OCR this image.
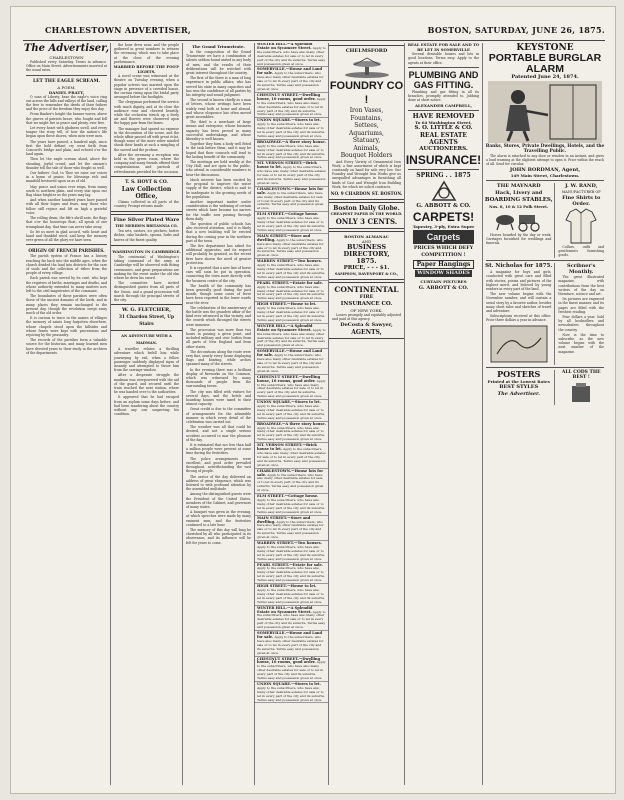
CHARLESTOWN ADVERTISER,	BOSTON, SATURDAY, JUNE 26, 1875.
The Advertiser,
CHARLESTOWN

Published every Saturday. Terms in advance. Office on Main Street. Advertisements inserted at the usual rates.

LET THE EAGLE SCREAM.
A POEM.
DANIEL PRATT,

O sons of Liberty, hear the eagle's voice ring out across the hills and valleys of the land, calling the free to remember the deeds of their fathers and the price of the freedom they enjoy this day.

From Bunker's height the banner waves, above the graves of patriots brave, who fought and fell that we might live in peace and plenty, ever free.

Let every heart with gladness swell, and every tongue the story tell, of how the nation's life began upon these shores, when men were men.

The years have passed, a hundred nigh, since first the bold defiant cry went forth from Concord's bridge and plain, and echoed o'er the land again.

Then let the eagle scream aloud, above the shouting, joyful crowd, and let the cannon's thunder tell the tale of those who fought so well.

Our fathers' God, to Thee we raise our voices in a hymn of praise, for blessings rich and manifold bestowed upon us as of old.

May peace and union ever reign, from sunny south to northern plain, and every star upon our flag shine brighter as the years may lag.

And when another hundred years have passed with all their hopes and fears, may those who follow still rejoice and lift on high a grateful voice.

The rolling drum, the fife's shrill note, the flags that o'er the housetops float, all speak of one triumphant day, that time can never take away.

So let us meet in glad accord, with heart and hand and thankful word, and keep the memory ever green of all the glory we have seen.

ORIGIN OF FRENCH PARISHES.

The parish system of France has a history reaching far back into the middle ages, when the church divided the land into districts for the care of souls and the collection of tithes from the people of every village.

Each parish was served by its curé, who kept the registers of births, marriages and deaths, and whose authority extended to many matters now left to the civil magistrates of the commune.

The boundaries of these parishes were often those of the ancient domains of the lords, and in many places they remain unchanged to the present day, though the revolution swept away much of the old order.

It is curious to trace in the names of villages the memory of saints long forgotten elsewhere, whose chapels stood upon the hillsides and whose feasts were kept with processions and rejoicing by the peasantry.

The records of the parishes form a valuable source for the historian, and many learned men have devoted years to their study in the archives of the departments.

the hour drew near, and the people gathered in great numbers to witness the ceremony, which was to take place at the close of the evening performance.

MARRIED BEFORE THE FOOT-LIGHTS.

A novel scene was witnessed at the theatre on Tuesday evening, when a popular actress was married upon the stage in presence of a crowded house, the curtain rising upon the bridal party arranged before the footlights.

The clergyman performed the service with much dignity, and at its close the audience rose and cheered heartily, while the orchestra struck up a lively air and flowers were showered upon the happy pair from the boxes.

The manager had spared no expense in the decoration of the scene, and the whole affair passed off with great éclat, though some of the more sober minded shook their heads at such a mingling of the sacred and the profane.

After the ceremony a reception was held in the green room, where the company and many friends offered their congratulations and partook of refreshments provided for the occasion.

T. S. HOYT & CO.
Law Collection Office,

Claims collected in all parts of the country. Prompt returns made.

Fine Silver Plated Ware
THE MERIDEN BRITANNIA CO.

Tea sets, castors, ice pitchers, butter dishes, cake baskets, spoons, forks and knives of the finest quality.

WASHINGTON IN CAMBRIDGE.

The centennial of Washington's taking command of the army at Cambridge will be observed with fitting ceremonies, and great preparations are making for the event under the old elm where he drew his sword.

The committee have invited distinguished guests from all parts of the Union, and a grand procession will march through the principal streets of the city.

W. G. FLETCHER,
31 Chardon Street, Up Stairs
AN ADVENTURE WITH A MADMAN.

A traveller relates a thrilling adventure which befell him while journeying by rail, when a fellow passenger suddenly displayed signs of insanity and attempted to throw him from the carriage window.

After a desperate struggle the madman was overpowered with the aid of the guard, and secured until the train reached the next station, where he was handed over to the authorities.

It appeared that he had escaped from an asylum some days before, and had been wandering about the country without any one suspecting his condition.

The Grand Triumvirate.

In the composition of the Grand Triumvirate we have a combination of talents seldom found united in any body of men, and the results of their deliberations will be watched with great interest throughout the country.

The first of the three is a man of long experience in public affairs, who has served his state in many capacities and has won the confidence of all parties by his integrity and sound judgment.

The second is known chiefly as a man of letters, whose writings have been widely read both at home and abroad, and whose eloquence has often moved great assemblies.

The third is a merchant of large means and enterprise, whose business sagacity has been proved in many successful undertakings, and whose liberality is well known.

Together they form a body well fitted to the task before them, and it may be hoped that their counsels will tend to the lasting benefit of the community.

The meetings are held weekly at the City Hall, and are open to the public, who attend in considerable numbers to hear the discussions.

Much interest has been excited by the proposal to improve the water supply of the district, which is said to be inadequate to the growing needs of the population.

Another important matter under consideration is the widening of certain streets which have become too narrow for the traffic now passing through them daily.

The question of public schools has also received attention, and it is likely that a new building will be erected during the coming year in the northern part of the town.

The fire department has asked for additional apparatus, and its request will probably be granted, as the recent fires have shown the need of greater protection.

It is reported that a new line of horse cars will soon be put in operation, connecting the town more directly with the business centre of the city.

The health of the community has been generally good during the past month, though some cases of fever have been reported in the lower wards near the river.

The celebration of the anniversary of the battle was the grandest affair of the kind ever witnessed in this vicinity, and the crowds which thronged the streets were immense.

The procession was more than two hours in passing a given point, and included military and civic bodies from all parts of New England and from other states.

The decorations along the route were very fine, nearly every house displaying flags and bunting, while arches spanned many of the streets.

In the evening there was a brilliant display of fireworks on the Common, which was witnessed by many thousands of people from the surrounding towns.

The city was filled with visitors for several days, and the hotels and boarding houses were taxed to their utmost capacity.

Great credit is due to the committee of arrangements for the admirable manner in which every detail of the celebration was carried out.

The weather was all that could be desired, and not a single serious accident occurred to mar the pleasure of the day.

It is estimated that not less than half a million people were present at some time during the festivities.

The police arrangements were excellent, and good order prevailed throughout, notwithstanding the vast throng of people.

The orator of the day delivered an address of great eloquence, which was listened to with profound attention by the assembled multitude.

Among the distinguished guests were the President of the United States, members of the Cabinet, and governors of many states.

A banquet was given in the evening, at which speeches were made by many eminent men, and the festivities continued to a late hour.

The memory of this day will long be cherished by all who participated in its observance, and its influence will be felt for years to come.

WINTER HILL.—A Splendid Estate on Sycamore Street. Apply to the subscribers, who have also many other desirable estates for sale or to let in every part of the city and its suburbs. Terms easy and possession given at once.
SOMERVILLE.—House and Land for sale. Apply to the subscribers, who have also many other desirable estates for sale or to let in every part of the city and its suburbs. Terms easy and possession given at once.
CHESTNUT STREET.—Dwelling house, 10 rooms, good order. Apply to the subscribers, who have also many other desirable estates for sale or to let in every part of the city and its suburbs. Terms easy and possession given at once.
UNION SQUARE.—Stores to let. Apply to the subscribers, who have also many other desirable estates for sale or to let in every part of the city and its suburbs. Terms easy and possession given at once.
BROADWAY.—A three story house. Apply to the subscribers, who have also many other desirable estates for sale or to let in every part of the city and its suburbs. Terms easy and possession given at once.
MT. VERNON STREET.—Brick house to let. Apply to the subscribers, who have also many other desirable estates for sale or to let in every part of the city and its suburbs. Terms easy and possession given at once.
CHARLESTOWN.—House lots for sale. Apply to the subscribers, who have also many other desirable estates for sale or to let in every part of the city and its suburbs. Terms easy and possession given at once.
ELM STREET.—Cottage house. Apply to the subscribers, who have also many other desirable estates for sale or to let in every part of the city and its suburbs. Terms easy and possession given at once.
MAIN STREET.—Store and dwelling. Apply to the subscribers, who have also many other desirable estates for sale or to let in every part of the city and its suburbs. Terms easy and possession given at once.
WARREN STREET.—Two houses. Apply to the subscribers, who have also many other desirable estates for sale or to let in every part of the city and its suburbs. Terms easy and possession given at once.
PEARL STREET.—Estate for sale. Apply to the subscribers, who have also many other desirable estates for sale or to let in every part of the city and its suburbs. Terms easy and possession given at once.
HIGH STREET.—House to let. Apply to the subscribers, who have also many other desirable estates for sale or to let in every part of the city and its suburbs. Terms easy and possession given at once.
WINTER HILL.—A Splendid Estate on Sycamore Street. Apply to the subscribers, who have also many other desirable estates for sale or to let in every part of the city and its suburbs. Terms easy and possession given at once.
SOMERVILLE.—House and Land for sale. Apply to the subscribers, who have also many other desirable estates for sale or to let in every part of the city and its suburbs. Terms easy and possession given at once.
CHESTNUT STREET.—Dwelling house, 10 rooms, good order. Apply to the subscribers, who have also many other desirable estates for sale or to let in every part of the city and its suburbs. Terms easy and possession given at once.
UNION SQUARE.—Stores to let. Apply to the subscribers, who have also many other desirable estates for sale or to let in every part of the city and its suburbs. Terms easy and possession given at once.
BROADWAY.—A three story house. Apply to the subscribers, who have also many other desirable estates for sale or to let in every part of the city and its suburbs. Terms easy and possession given at once.
MT. VERNON STREET.—Brick house to let. Apply to the subscribers, who have also many other desirable estates for sale or to let in every part of the city and its suburbs. Terms easy and possession given at once.
CHARLESTOWN.—House lots for sale. Apply to the subscribers, who have also many other desirable estates for sale or to let in every part of the city and its suburbs. Terms easy and possession given at once.
ELM STREET.—Cottage house. Apply to the subscribers, who have also many other desirable estates for sale or to let in every part of the city and its suburbs. Terms easy and possession given at once.
MAIN STREET.—Store and dwelling. Apply to the subscribers, who have also many other desirable estates for sale or to let in every part of the city and its suburbs. Terms easy and possession given at once.
WARREN STREET.—Two houses. Apply to the subscribers, who have also many other desirable estates for sale or to let in every part of the city and its suburbs. Terms easy and possession given at once.
PEARL STREET.—Estate for sale. Apply to the subscribers, who have also many other desirable estates for sale or to let in every part of the city and its suburbs. Terms easy and possession given at once.
HIGH STREET.—House to let. Apply to the subscribers, who have also many other desirable estates for sale or to let in every part of the city and its suburbs. Terms easy and possession given at once.
WINTER HILL.—A Splendid Estate on Sycamore Street. Apply to the subscribers, who have also many other desirable estates for sale or to let in every part of the city and its suburbs. Terms easy and possession given at once.
SOMERVILLE.—House and Land for sale. Apply to the subscribers, who have also many other desirable estates for sale or to let in every part of the city and its suburbs. Terms easy and possession given at once.
CHESTNUT STREET.—Dwelling house, 10 rooms, good order. Apply to the subscribers, who have also many other desirable estates for sale or to let in every part of the city and its suburbs. Terms easy and possession given at once.
UNION SQUARE.—Stores to let. Apply to the subscribers, who have also many other desirable estates for sale or to let in every part of the city and its suburbs. Terms easy and possession given at once.
CHELMSFORD
FOUNDRY CO !
Iron Vases,
Fountains,
Settees,
Aquariums,
Statuary,
Animals,
Bouquet Holders

And Every Variety of Ornamental Iron Work, a fine assortment of which is kept constantly on hand for sale very low. Our Foundry and Wrought Iron Works give us unequalled advantages in furnishing all kinds of Cast and Wrought Iron Building Work, for which we solicit contracts.

NO. 9 CHARDON ST. BOSTON.
Boston Daily Globe.
CHEAPEST PAPER IN THE WORLD.
ONLY 3 CENTS.
BOSTON ALMANAC
AND
BUSINESS DIRECTORY,
1875.
PRICE, - - - $1.
SAMPSON, DAVENPORT & CO.,
CONTINENTAL
FIRE
INSURANCE CO.
OF NEW YORK.

Losses promptly and equitably adjusted and paid at this agency.

DeCosta & Sawyer,
AGENTS,
REAL ESTATE FOR SALE AND TO BE LET IN SOMERVILLE

Several desirable houses and lots in good locations. Terms easy. Apply to the agents at their office.

PLUMBING AND GAS FITTING.

Plumbing and gas fitting in all its branches, promptly attended to. Jobbing done at short notice.

ALEXANDER CAMPBELL,
HAVE REMOVED
To 64 Washington Street,
S. O. LITTLE & CO.
REAL ESTATE AGENTS
AUCTIONEERS.
INSURANCE!
SPRING . . 1875
G. ABBOTT & CO.
CARPETS!
Tapestry, 3-ply, Extra Super
Carpets
PRICES WHICH DEFY COMPETITION !
Paper Hangings
WINDOW SHADES
CURTAIN FIXTURES
G. ABBOTT & CO.
KEYSTONE
PORTABLE BURGLAR ALARM
Patented June 24, 1874.
Banks, Stores, Private Dwellings, Hotels, and the Travelling Public.

The alarm is attached to any door or window in an instant, and gives a loud warning at the slightest attempt to open it. Price within the reach of all. Send for circular.

JOHN BORDMAN, Agent,
149 Main Street, Charlestown.
THE MAYNARD
Hack, Livery and
BOARDING STABLES,
Nos. 8, 10 & 12 Polk Street.

Horses boarded by the day or week. Carriages furnished for weddings and funerals.

J. W. RAND,
MANUFACTURER OF
Fine Shirts to Order.

Collars, cuffs and gentlemen's furnishing goods.

St. Nicholas for 1875.

A magazine for boys and girls, conducted with great care and filled with stories, poems and pictures of the highest merit, and beloved by young readers in every part of the land.

The new volume begins with the November number, and will contain a serial story by a favorite author, besides many short tales and sketches of travel and adventure.

Subscriptions received at this office. Price three dollars a year in advance.

Scribner's Monthly.

The great illustrated magazine, with contributions from the best writers of the day on literature, science and art.

Its pictures are engraved in the finest manner, and its pages are filled with the freshest reading.

Four dollars a year. Sold by all booksellers and newsdealers throughout the country.

Now is the time to subscribe, as the new volume begins with the next number of the magazine.

POSTERS
Printed at the Lowest Rates
BEST STYLES
The Advertiser.
ALL CODS THE BEST !
